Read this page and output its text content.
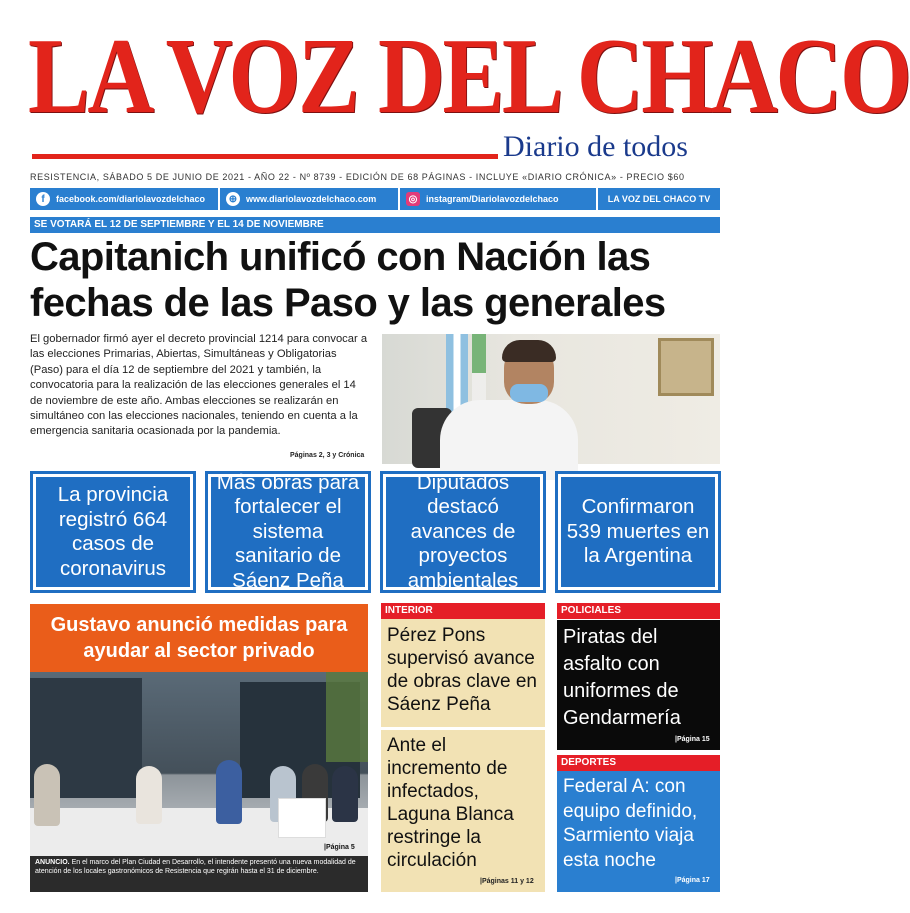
LA VOZ DEL CHACO
Diario de todos
RESISTENCIA, SÁBADO 5 DE JUNIO DE 2021 - AÑO 22 - Nº 8739 - EDICIÓN DE 68 PÁGINAS - INCLUYE «DIARIO CRÓNICA» - PRECIO $60
f	facebook.com/diariolavozdelchaco ⊕ www.diariolavozdelchaco.com	◎ instagram/Diariolavozdelchaco	LA VOZ DEL CHACO TV
SE VOTARÁ EL 12 DE SEPTIEMBRE Y EL 14 DE NOVIEMBRE
Capitanich unificó con Nación las fechas de las Paso y las generales

El gobernador firmó ayer el decreto provincial 1214 para convocar a las elecciones Primarias, Abiertas, Simultáneas y Obligatorias (Paso) para el día 12 de septiembre del 2021 y también, la convocatoria para la realización de las elecciones generales el 14 de noviembre de este año. Ambas elecciones se realizarán en simultáneo con las elecciones nacionales, teniendo en cuenta a la emergencia sanitaria ocasionada por la pandemia.

Páginas 2, 3 y Crónica
La provincia registró 664 casos de coronavirus
Más obras para fortalecer el sistema sanitario de Sáenz Peña
Diputados destacó avances de proyectos ambientales
Confirmaron 539 muertes en la Argentina
Gustavo anunció medidas para ayudar al sector privado
|Página 5
ANUNCIO. En el marco del Plan Ciudad en Desarrollo, el intendente presentó una nueva modalidad de atención de los locales gastronómicos de Resistencia que regirán hasta el 31 de diciembre.
INTERIOR
Pérez Pons supervisó avance de obras clave en Sáenz Peña
Ante el incremento de infectados, Laguna Blanca restringe la circulación
|Páginas 11 y 12
POLICIALES
Piratas del asfalto con uniformes de Gendarmería
|Página 15
DEPORTES
Federal A: con equipo definido, Sarmiento viaja esta noche
|Página 17
